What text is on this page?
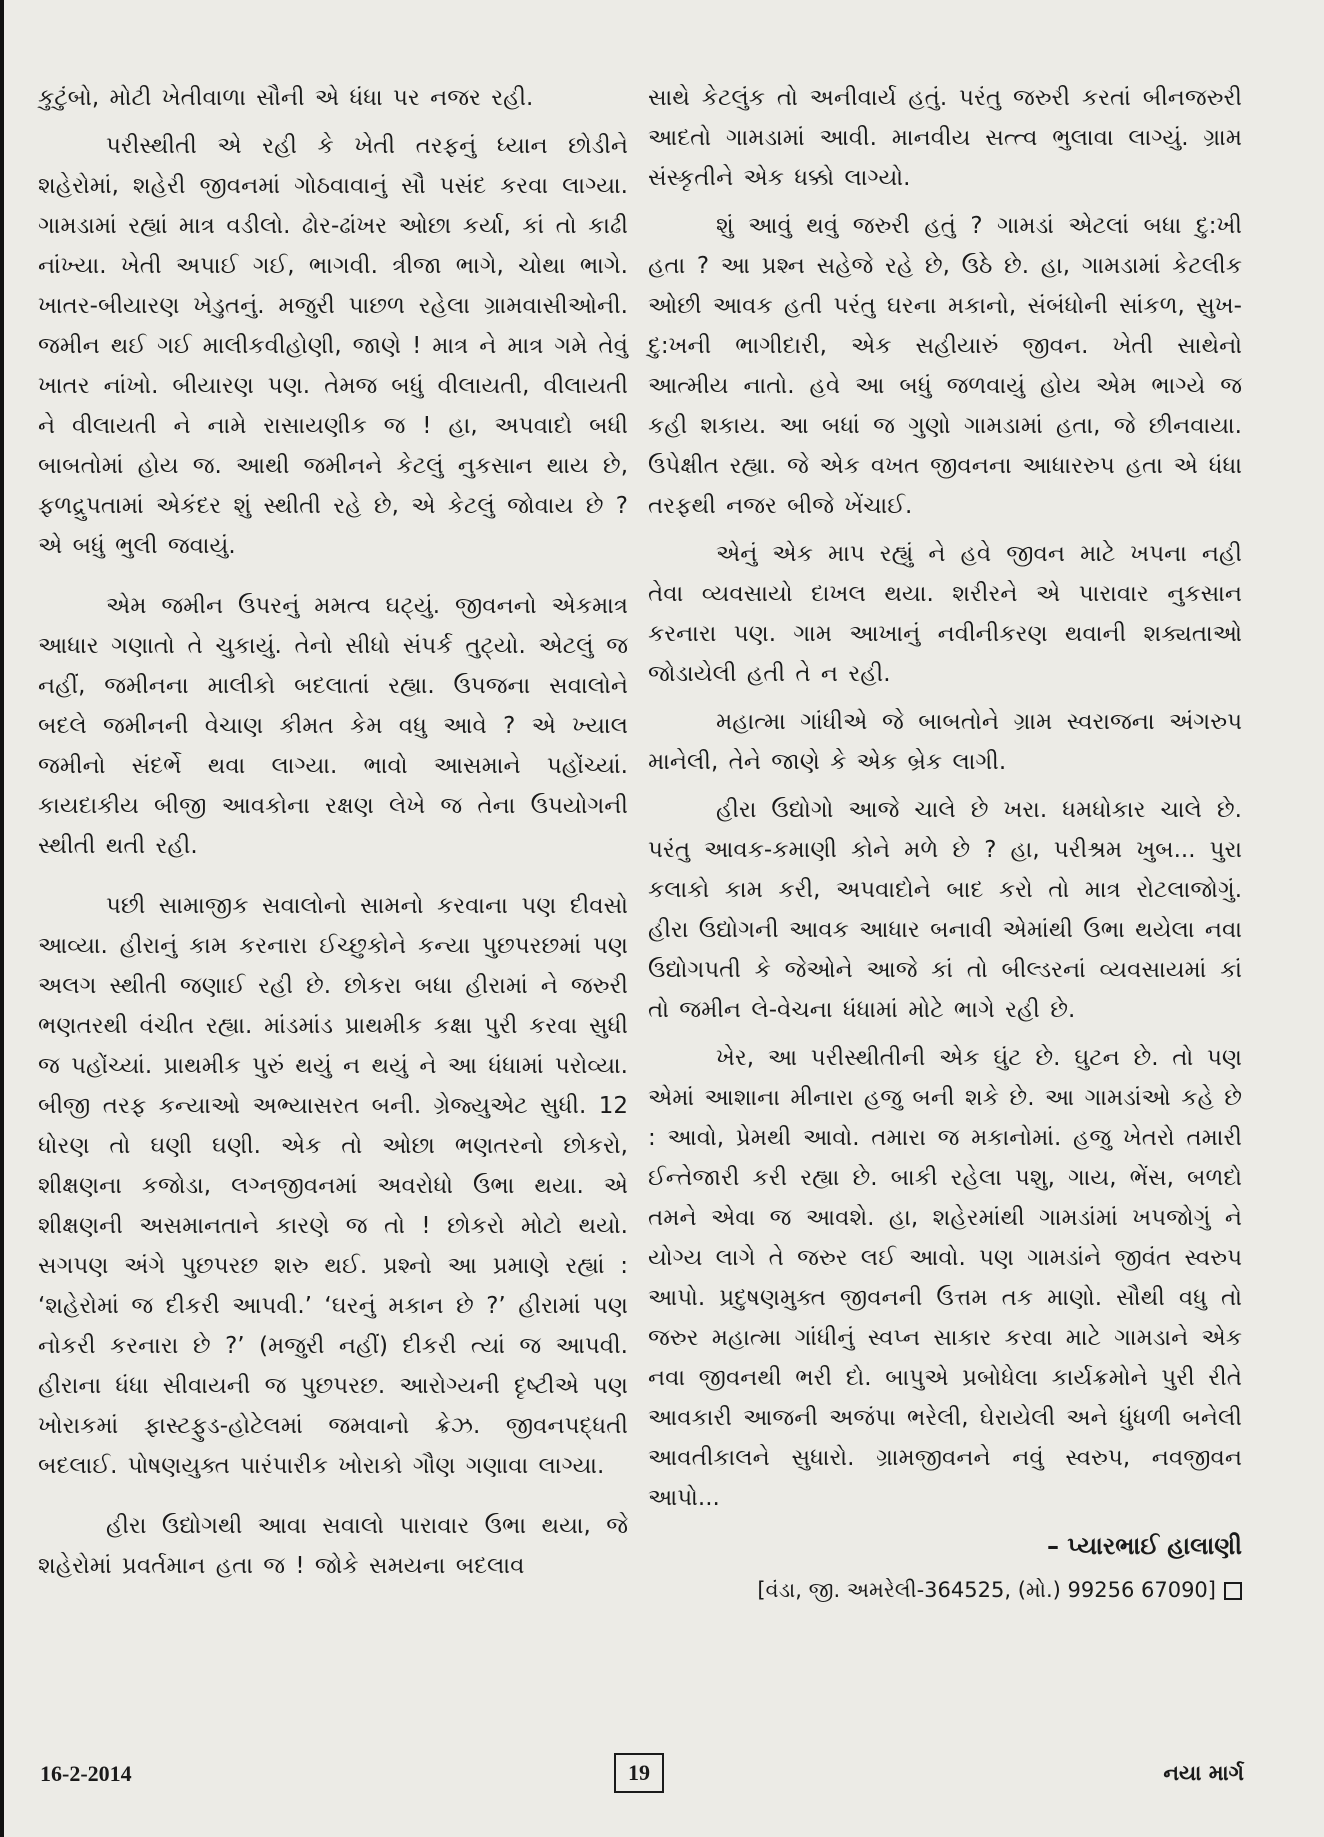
કુટુંબો, મોટી ખેતીવાળા સૌની એ ધંધા પર નજર રહી.

પરીસ્થીતી એ રહી કે ખેતી તરફનું ધ્યાન છોડીને શહેરોમાં, શહેરી જીવનમાં ગોઠવાવાનું સૌ પસંદ કરવા લાગ્યા. ગામડામાં રહ્યાં માત્ર વડીલો. ઢોર-ઢાંખર ઓછા કર્યા, કાં તો કાઢી નાંખ્યા. ખેતી અપાઈ ગઈ, ભાગવી. ત્રીજા ભાગે, ચોથા ભાગે. ખાતર-બીયારણ ખેડુતનું. મજુરી પાછળ રહેલા ગ્રામવાસીઓની. જમીન થઈ ગઈ માલીકવીહોણી, જાણે ! માત્ર ને માત્ર ગમે તેવું ખાતર નાંખો. બીયારણ પણ. તેમજ બધું વીલાયતી, વીલાયતી ને વીલાયતી ને નામે રાસાયણીક જ ! હા, અપવાદો બધી બાબતોમાં હોય જ. આથી જમીનને કેટલું નુકસાન થાય છે, ફળદ્રુપતામાં એકંદર શું સ્થીતી રહે છે, એ કેટલું જોવાય છે ? એ બધું ભુલી જવાયું.

એમ જમીન ઉપરનું મમત્વ ઘટ્યું. જીવનનો એકમાત્ર આધાર ગણાતો તે ચુકાયું. તેનો સીધો સંપર્ક તુટ્યો. એટલું જ નહીં, જમીનના માલીકો બદલાતાં રહ્યા. ઉપજના સવાલોને બદલે જમીનની વેચાણ કીમત કેમ વધુ આવે ? એ ખ્યાલ જમીનો સંદર્ભે થવા લાગ્યા. ભાવો આસમાને પહોંચ્યાં. કાયદાકીય બીજી આવકોના રક્ષણ લેખે જ તેના ઉપયોગની સ્થીતી થતી રહી.

પછી સામાજીક સવાલોનો સામનો કરવાના પણ દીવસો આવ્યા. હીરાનું કામ કરનારા ઈચ્છુકોને કન્યા પુછપરછમાં પણ અલગ સ્થીતી જણાઈ રહી છે. છોકરા બધા હીરામાં ને જરુરી ભણતરથી વંચીત રહ્યા. માંડમાંડ પ્રાથમીક કક્ષા પુરી કરવા સુધી જ પહોંચ્યાં. પ્રાથમીક પુરું થયું ન થયું ને આ ધંધામાં પરોવ્યા. બીજી તરફ કન્યાઓ અભ્યાસરત બની. ગ્રેજ્યુએટ સુધી. 12 ધોરણ તો ઘણી ઘણી. એક તો ઓછા ભણતરનો છોકરો, શીક્ષણના કજોડા, લગ્નજીવનમાં અવરોધો ઉભા થયા. એ શીક્ષણની અસમાનતાને કારણે જ તો ! છોકરો મોટો થયો. સગપણ અંગે પુછપરછ શરુ થઈ. પ્રશ્નો આ પ્રમાણે રહ્યાં : ‘શહેરોમાં જ દીકરી આપવી.’ ‘ઘરનું મકાન છે ?’ હીરામાં પણ નોકરી કરનારા છે ?’ (મજુરી નહીં) દીકરી ત્યાં જ આપવી. હીરાના ધંધા સીવાયની જ પુછપરછ. આરોગ્યની દૃષ્ટીએ પણ ખોરાકમાં ફાસ્ટફુડ-હોટેલમાં જમવાનો ક્રેઝ. જીવનપદ્ધતી બદલાઈ. પોષણયુક્ત પારંપારીક ખોરાકો ગૌણ ગણાવા લાગ્યા.

હીરા ઉદ્યોગથી આવા સવાલો પારાવાર ઉભા થયા, જે શહેરોમાં પ્રવર્તમાન હતા જ ! જોકે સમયના બદલાવ

સાથે કેટલુંક તો અનીવાર્ય હતું. પરંતુ જરુરી કરતાં બીનજરુરી આદતો ગામડામાં આવી. માનવીય સત્ત્વ ભુલાવા લાગ્યું. ગ્રામ સંસ્કૃતીને એક ધક્કો લાગ્યો.

શું આવું થવું જરુરી હતું ? ગામડાં એટલાં બધા દુ:ખી હતા ? આ પ્રશ્ન સહેજે રહે છે, ઉઠે છે. હા, ગામડામાં કેટલીક ઓછી આવક હતી પરંતુ ઘરના મકાનો, સંબંધોની સાંકળ, સુખ- દુ:ખની ભાગીદારી, એક સહીયારું જીવન. ખેતી સાથેનો આત્મીય નાતો. હવે આ બધું જળવાયું હોય એમ ભાગ્યે જ કહી શકાય. આ બધાં જ ગુણો ગામડામાં હતા, જે છીનવાયા. ઉપેક્ષીત રહ્યા. જે એક વખત જીવનના આધારરુપ હતા એ ધંધા તરફથી નજર બીજે ખેંચાઈ.

એનું એક માપ રહ્યું ને હવે જીવન માટે ખપના નહી તેવા વ્યવસાયો દાખલ થયા. શરીરને એ પારાવાર નુકસાન કરનારા પણ. ગામ આખાનું નવીનીકરણ થવાની શક્યતાઓ જોડાયેલી હતી તે ન રહી.

મહાત્મા ગાંધીએ જે બાબતોને ગ્રામ સ્વરાજના અંગરુપ માનેલી, તેને જાણે કે એક બ્રેક લાગી.

હીરા ઉદ્યોગો આજે ચાલે છે ખરા. ધમધોકાર ચાલે છે. પરંતુ આવક-કમાણી કોને મળે છે ? હા, પરીશ્રમ ખુબ... પુરા કલાકો કામ કરી, અપવાદોને બાદ કરો તો માત્ર રોટલાજોગું. હીરા ઉદ્યોગની આવક આધાર બનાવી એમાંથી ઉભા થયેલા નવા ઉદ્યોગપતી કે જેઓને આજે કાં તો બીલ્ડરનાં વ્યવસાયમાં કાં તો જમીન લે-વેચના ધંધામાં મોટે ભાગે રહી છે.

ખેર, આ પરીસ્થીતીની એક ઘુંટ છે. ઘુટન છે. તો પણ એમાં આશાના મીનારા હજુ બની શકે છે. આ ગામડાંઓ કહે છે : આવો, પ્રેમથી આવો. તમારા જ મકાનોમાં. હજુ ખેતરો તમારી ઈન્તેજારી કરી રહ્યા છે. બાકી રહેલા પશુ, ગાય, ભેંસ, બળદો તમને એવા જ આવશે. હા, શહેરમાંથી ગામડાંમાં ખપજોગું ને યોગ્ય લાગે તે જરુર લઈ આવો. પણ ગામડાંને જીવંત સ્વરુપ આપો. પ્રદુષણમુક્ત જીવનની ઉત્તમ તક માણો. સૌથી વધુ તો જરુર મહાત્મા ગાંધીનું સ્વપ્ન સાકાર કરવા માટે ગામડાને એક નવા જીવનથી ભરી દો. બાપુએ પ્રબોધેલા કાર્યક્રમોને પુરી રીતે આવકારી આજની અજંપા ભરેલી, ઘેરાયેલી અને ધુંધળી બનેલી આવતીકાલને સુધારો. ગ્રામજીવનને નવું સ્વરુપ, નવજીવન આપો...

– પ્યારભાઈ હાલાણી
[વંડા, જી. અમરેલી-364525, (મો.) 99256 67090]
16-2-2014	19	નયા માર્ગ
